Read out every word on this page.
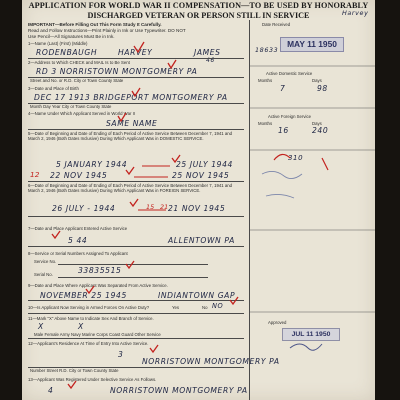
APPLICATION FOR WORLD WAR II COMPENSATION—TO BE USED BY HONORABLY
DISCHARGED VETERAN OR PERSON STILL IN SERVICE	Harvey
IMPORTANT—Before Filling Out This Form Study It Carefully.
Read and Follow Instructions—Print Plainly in Ink or Use Typewriter. DO NOT
Use Pencil—All Signatures Must Be in Ink.
Date Received
MAY 11 1950
Active Domestic Service
Months	Days
7	98
Active Foreign Service
Months	Days
16	240
310
Approved
JUL 11 1950
1—Name (Last) (First) (Middle)
RODENBAUGH	HARVEY	JAMES
46
18633
2—Address to Which CHECK and MAIL Is to Be Sent
RD 3 NORRISTOWN MONTGOMERY PA
Street and No. or R.D. City or Town County State
3—Date and Place of Birth
DEC 17 1913 BRIDGEPORT MONTGOMERY PA
Month Day Year City or Town County State
4—Name Under Which Applicant Served in World War II
SAME NAME
5—Date of Beginning and Date of Ending of Each Period of Active Service Between December 7, 1941 and March 2, 1946 (Both Dates Inclusive) During Which Applicant Was in DOMESTIC SERVICE.
5 JANUARY 1944	25 JULY 1944
22 NOV 1945	25 NOV 1945
6—Date of Beginning and Date of Ending of Each Period of Active Service Between December 7, 1941 and March 2, 1946 (Both Dates Inclusive) During Which Applicant Was in FOREIGN SERVICE.
26 JULY - 1944	21 NOV 1945
7—Date and Place Applicant Entered Active Service
5 44	ALLENTOWN PA
8—Service or Serial Numbers Assigned To Applicant
Service No.
Serial No.	33835515
9—Date and Place Where Applicant Was Separated From Active Service.
NOVEMBER 25 1945	INDIANTOWN GAP
10—Is Applicant Now Serving in Armed Forces On Active Duty?	Yes	No NO
11—Mark "X" Above Name to Indicate Sex And Branch of Service.
X	X
Male Female Army Navy Marine Corps Coast Guard Other Service
12—Applicant's Residence At Time of Entry Into Active Service.
3
NORRISTOWN MONTGOMERY PA
Number Street R.D. City or Town County State
13—Applicant Was Registered Under Selective Service As Follows.
4	NORRISTOWN MONTGOMERY PA
12
15 21
